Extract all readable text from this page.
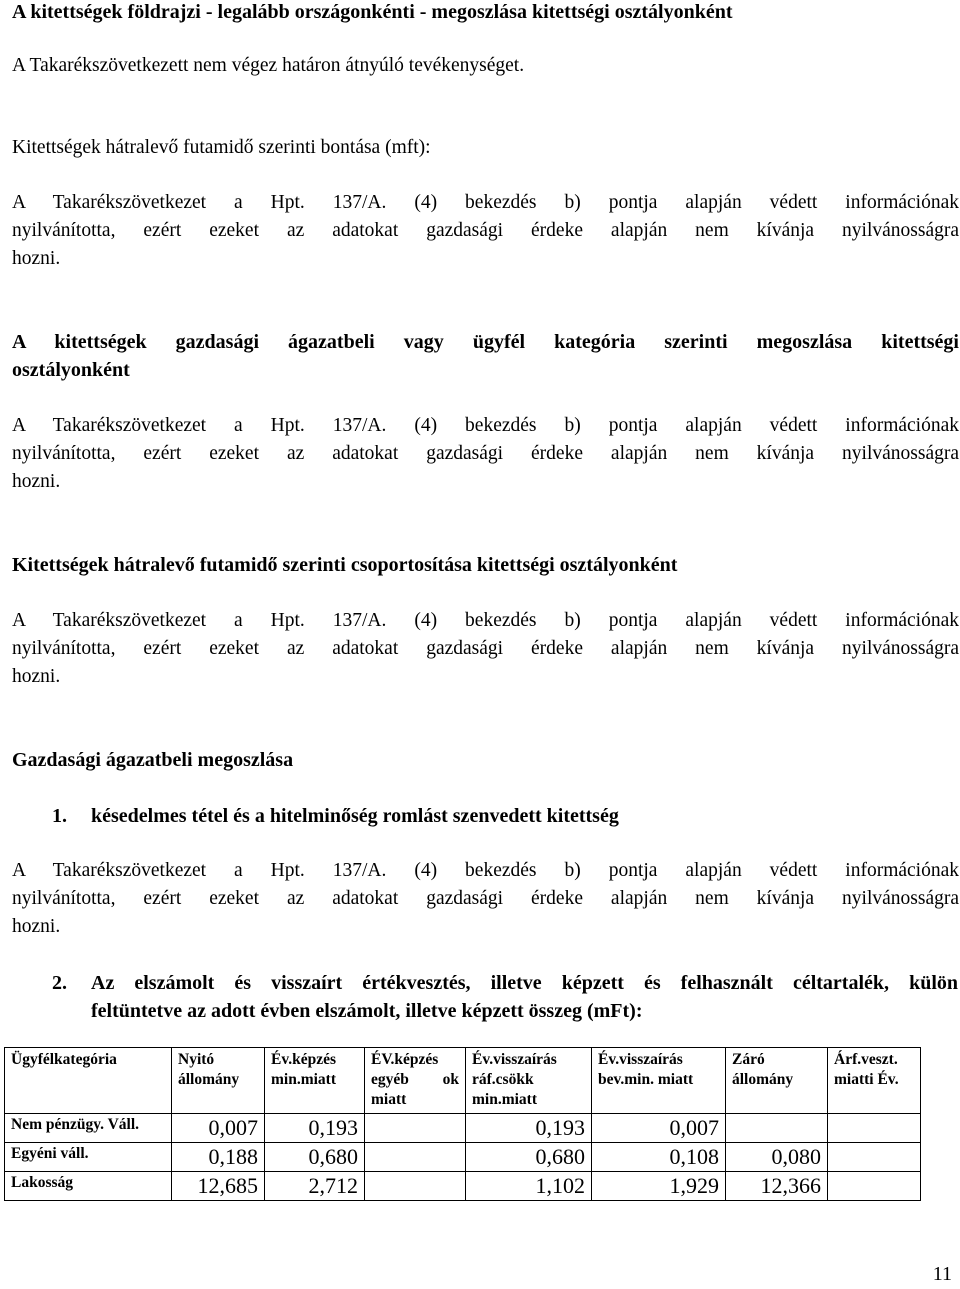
A kitettségek földrajzi - legalább országonkénti - megoszlása kitettségi osztályonként
A Takarékszövetkezett nem végez határon átnyúló tevékenységet.
Kitettségek hátralevő futamidő szerinti bontása (mft):
A Takarékszövetkezet a Hpt. 137/A. (4) bekezdés b) pontja alapján védett információnak
nyilvánította, ezért ezeket az adatokat gazdasági érdeke alapján nem kívánja nyilvánosságra
hozni.
A kitettségek gazdasági ágazatbeli vagy ügyfél kategória szerinti megoszlása kitettségi
osztályonként
A Takarékszövetkezet a Hpt. 137/A. (4) bekezdés b) pontja alapján védett információnak
nyilvánította, ezért ezeket az adatokat gazdasági érdeke alapján nem kívánja nyilvánosságra
hozni.
Kitettségek hátralevő futamidő szerinti csoportosítása kitettségi osztályonként
A Takarékszövetkezet a Hpt. 137/A. (4) bekezdés b) pontja alapján védett információnak
nyilvánította, ezért ezeket az adatokat gazdasági érdeke alapján nem kívánja nyilvánosságra
hozni.
Gazdasági ágazatbeli megoszlása
1. késedelmes tétel és a hitelminőség romlást szenvedett kitettség
A Takarékszövetkezet a Hpt. 137/A. (4) bekezdés b) pontja alapján védett információnak
nyilvánította, ezért ezeket az adatokat gazdasági érdeke alapján nem kívánja nyilvánosságra
hozni.
2. Az elszámolt és visszaírt értékvesztés, illetve képzett és felhasznált céltartalék, külön
feltüntetve az adott évben elszámolt, illetve képzett összeg (mFt):
Ügyfélkategória	Nyitó állomány	Év.képzés min.miatt	ÉV.képzés egyéb ok miatt	Év.visszaírás ráf.csökk min.miatt	Év.visszaírás bev.min. miatt	Záró állomány	Árf.veszt. miatti Év.
Nem pénzügy. Váll.	0,007	0,193		0,193	0,007		
Egyéni váll.	0,188	0,680		0,680	0,108	0,080	
Lakosság	12,685	2,712		1,102	1,929	12,366	
11
